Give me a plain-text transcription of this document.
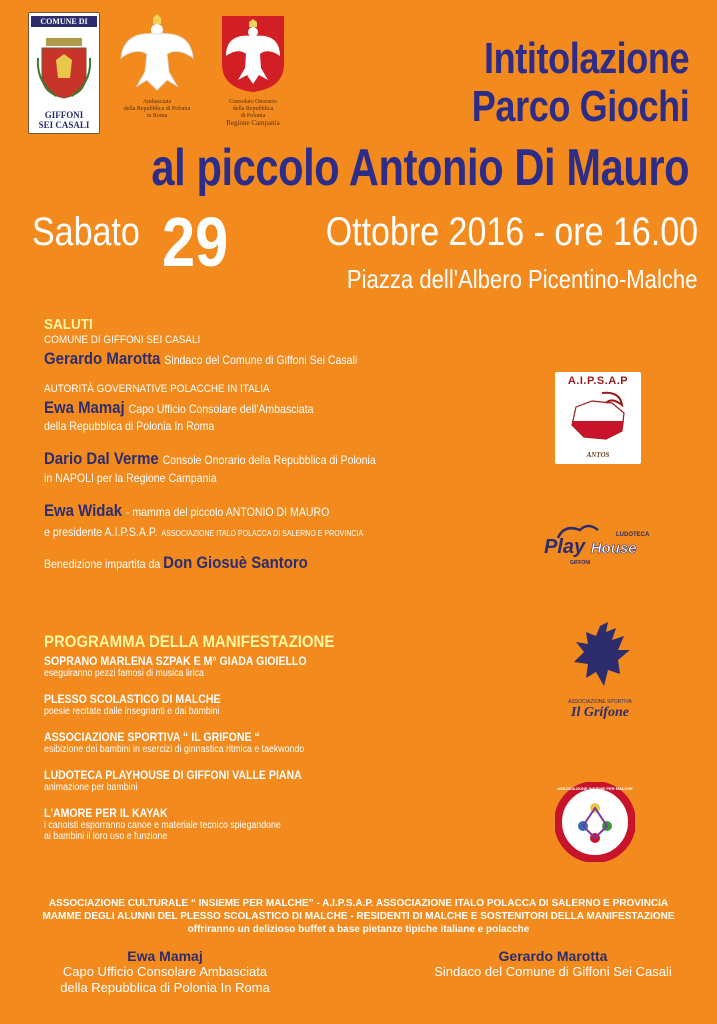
COMUNE DI
GIFFONI
SEI CASALI
Ambasciata
della Repubblica di Polonia
in Roma
Consolato Onorario
della Repubblica
di Polonia
Regione Campania
Intitolazione
Parco Giochi
al piccolo Antonio Di Mauro
Sabato 29 Ottobre 2016 - ore 16.00
Piazza dell'Albero Picentino-Malche
SALUTI
COMUNE DI GIFFONI SEI CASALI
Gerardo Marotta Sindaco del Comune di Giffoni Sei Casali
AUTORITÀ GOVERNATIVE POLACCHE IN ITALIA
Ewa Mamaj Capo Ufficio Consolare dell'Ambasciata
della Repubblica di Polonia In Roma
Dario Dal Verme Console Onorario della Repubblica di Polonia
in NAPOLI per la Regione Campania
Ewa Widak - mamma del piccolo ANTONIO DI MAURO
e presidente A.I.P.S.A.P. ASSOCIAZIONE ITALO POLACCA DI SALERNO E PROVINCIA
Benedizione impartita da Don Giosuè Santoro
PROGRAMMA DELLA MANIFESTAZIONE
SOPRANO MARLENA SZPAK E M° GIADA GIOIELLO
eseguiranno pezzi famosi di musica lirica
PLESSO SCOLASTICO DI MALCHE
poesie recitate dalle insegnanti e dai bambini
ASSOCIAZIONE SPORTIVA “ IL GRIFONE “
esibizione dei bambini in esercizi di ginnastica ritmica e taekwondo
LUDOTECA PLAYHOUSE DI GIFFONI VALLE PIANA
animazione per bambini
L'AMORE PER IL KAYAK
i canoisti esporranno canoe e materiale tecnico spiegandone
ai bambini il loro uso e funzione
A.I.P.S.A.P
ANTOS
LUDOTECA
Play House
GIFFONI
ASSOCIAZIONE SPORTIVA
Il Grifone
ASSOCIAZIONE INSIEME PER MALCHE
ASSOCIAZIONE CULTURALE “ INSIEME PER MALCHE” - A.I.P.S.A.P. ASSOCIAZIONE ITALO POLACCA DI SALERNO E PROVINCIA
MAMME DEGLI ALUNNI DEL PLESSO SCOLASTICO DI MALCHE - RESIDENTI DI MALCHE E SOSTENITORI DELLA MANIFESTAZIONE
offriranno un delizioso buffet a base pietanze tipiche italiane e polacche
Ewa Mamaj
Capo Ufficio Consolare Ambasciata
della Repubblica di Polonia In Roma
Gerardo Marotta
Sindaco del Comune di Giffoni Sei Casali
